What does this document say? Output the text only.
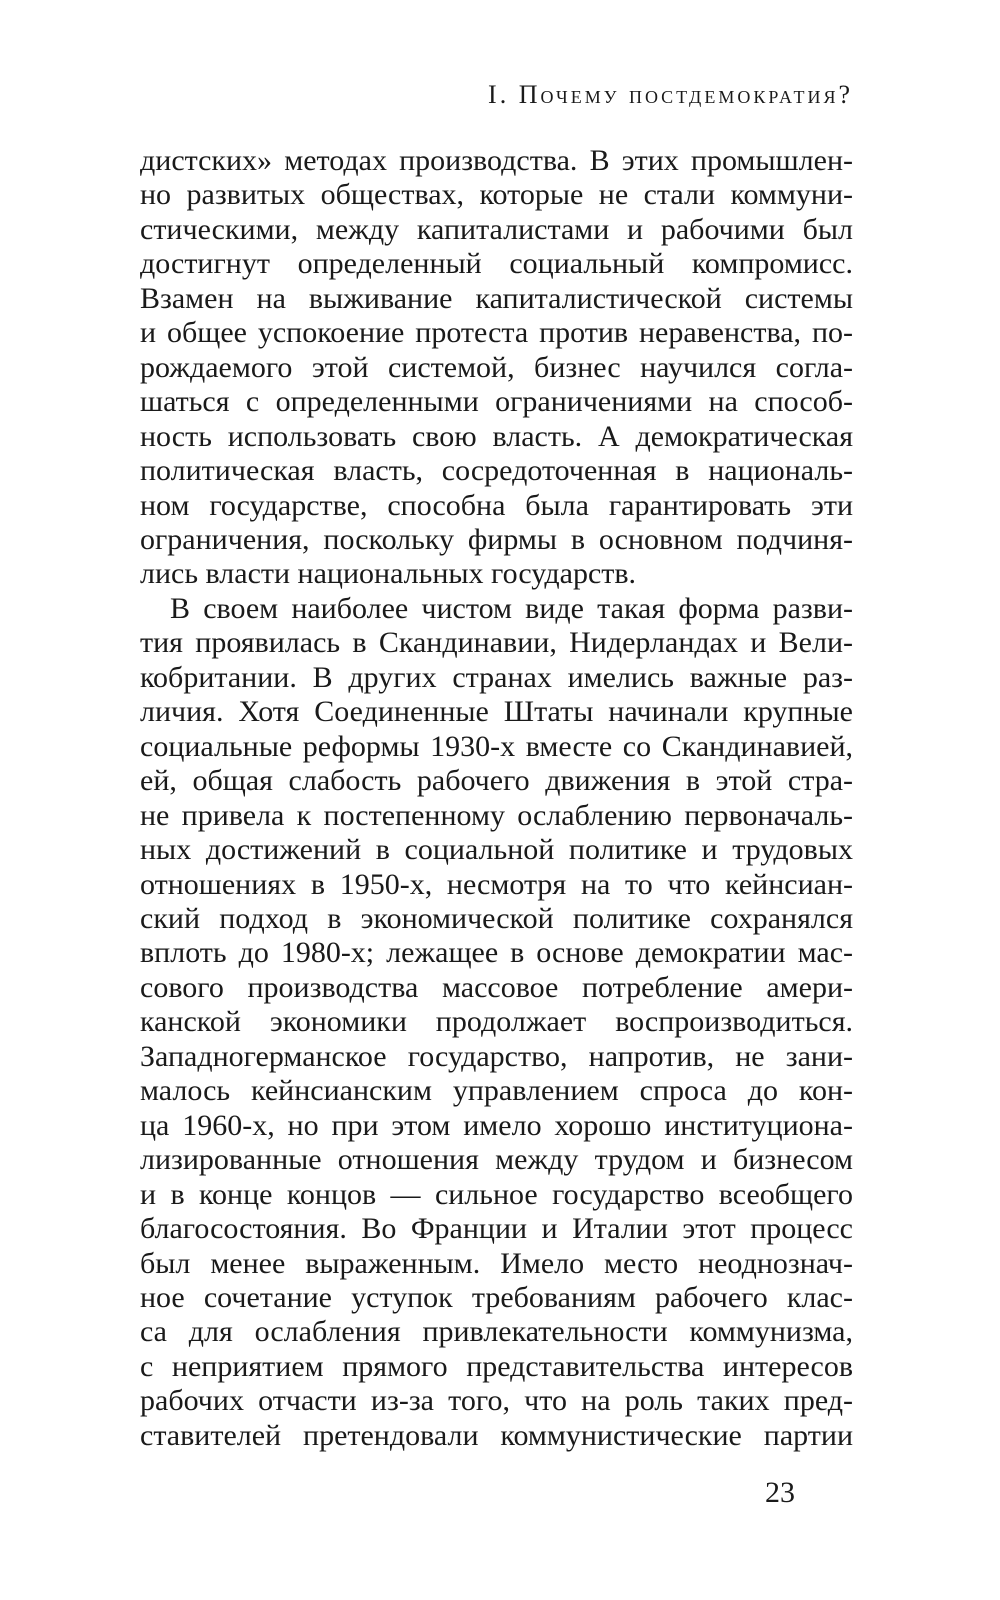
I. Почему постдемократия?
дистских» методах производства. В этих промышлен-
но развитых обществах, которые не стали коммуни-
стическими, между капиталистами и рабочими был
достигнут определенный социальный компромисс.
Взамен на выживание капиталистической системы
и общее успокоение протеста против неравенства, по-
рождаемого этой системой, бизнес научился согла-
шаться с определенными ограничениями на способ-
ность использовать свою власть. А демократическая
политическая власть, сосредоточенная в националь-
ном государстве, способна была гарантировать эти
ограничения, поскольку фирмы в основном подчиня-
лись власти национальных государств.
В своем наиболее чистом виде такая форма разви-
тия проявилась в Скандинавии, Нидерландах и Вели-
кобритании. В других странах имелись важные раз-
личия. Хотя Соединенные Штаты начинали крупные
социальные реформы 1930-х вместе со Скандинавией,
ей, общая слабость рабочего движения в этой стра-
не привела к постепенному ослаблению первоначаль-
ных достижений в социальной политике и трудовых
отношениях в 1950-х, несмотря на то что кейнсиан-
ский подход в экономической политике сохранялся
вплоть до 1980-х; лежащее в основе демократии мас-
сового производства массовое потребление амери-
канской экономики продолжает воспроизводиться.
Западногерманское государство, напротив, не зани-
малось кейнсианским управлением спроса до кон-
ца 1960-х, но при этом имело хорошо институциона-
лизированные отношения между трудом и бизнесом
и в конце концов — сильное государство всеобщего
благосостояния. Во Франции и Италии этот процесс
был менее выраженным. Имело место неоднознач-
ное сочетание уступок требованиям рабочего клас-
са для ослабления привлекательности коммунизма,
с неприятием прямого представительства интересов
рабочих отчасти из-за того, что на роль таких пред-
ставителей претендовали коммунистические партии
23
